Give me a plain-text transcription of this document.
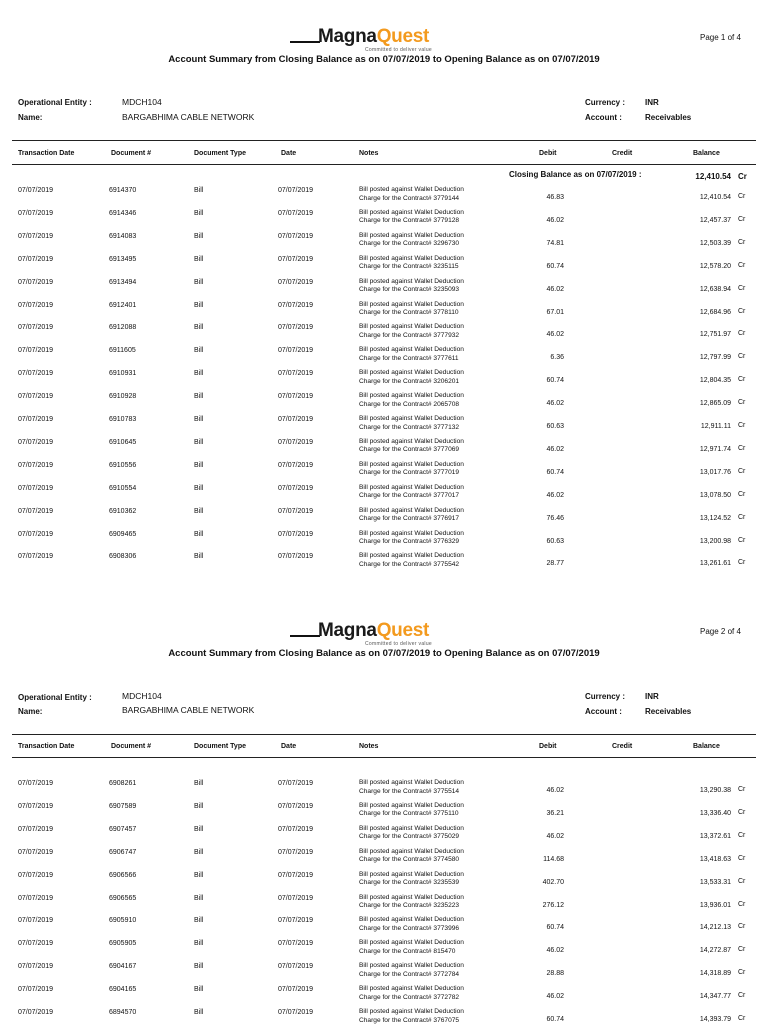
MagnaQuest
Committed to deliver value
Page 1 of 4
Account Summary from Closing Balance as on 07/07/2019 to Opening Balance as on 07/07/2019
Operational Entity :	MDCH104
Name:	BARGABHIMA CABLE NETWORK
Currency : INR
Account :	Receivables
Transaction Date	Document #	Document Type	Date	Notes	Debit	Credit	Balance
Closing Balance as on 07/07/2019 :	12,410.54 Cr
07/07/2019	6914370	Bill	07/07/2019	Bill posted against Wallet Deduction
Charge for the Contract# 3779144	46.83	12,410.54 Cr
07/07/2019	6914346	Bill	07/07/2019	Bill posted against Wallet Deduction
Charge for the Contract# 3779128	46.02	12,457.37 Cr
07/07/2019	6914083	Bill	07/07/2019	Bill posted against Wallet Deduction
Charge for the Contract# 3296730	74.81	12,503.39 Cr
07/07/2019	6913495	Bill	07/07/2019	Bill posted against Wallet Deduction
Charge for the Contract# 3235115	60.74	12,578.20 Cr
07/07/2019	6913494	Bill	07/07/2019	Bill posted against Wallet Deduction
Charge for the Contract# 3235093	46.02	12,638.94 Cr
07/07/2019	6912401	Bill	07/07/2019	Bill posted against Wallet Deduction
Charge for the Contract# 3778110	67.01	12,684.96 Cr
07/07/2019	6912088	Bill	07/07/2019	Bill posted against Wallet Deduction
Charge for the Contract# 3777932	46.02	12,751.97 Cr
07/07/2019	6911605	Bill	07/07/2019	Bill posted against Wallet Deduction
Charge for the Contract# 3777611	6.36	12,797.99 Cr
07/07/2019	6910931	Bill	07/07/2019	Bill posted against Wallet Deduction
Charge for the Contract# 3206201	60.74	12,804.35 Cr
07/07/2019	6910928	Bill	07/07/2019	Bill posted against Wallet Deduction
Charge for the Contract# 2065708	46.02	12,865.09 Cr
07/07/2019	6910783	Bill	07/07/2019	Bill posted against Wallet Deduction
Charge for the Contract# 3777132	60.63	12,911.11 Cr
07/07/2019	6910645	Bill	07/07/2019	Bill posted against Wallet Deduction
Charge for the Contract# 3777069	46.02	12,971.74 Cr
07/07/2019	6910556	Bill	07/07/2019	Bill posted against Wallet Deduction
Charge for the Contract# 3777019	60.74	13,017.76 Cr
07/07/2019	6910554	Bill	07/07/2019	Bill posted against Wallet Deduction
Charge for the Contract# 3777017	46.02	13,078.50 Cr
07/07/2019	6910362	Bill	07/07/2019	Bill posted against Wallet Deduction
Charge for the Contract# 3776917	76.46	13,124.52 Cr
07/07/2019	6909465	Bill	07/07/2019	Bill posted against Wallet Deduction
Charge for the Contract# 3776329	60.63	13,200.98 Cr
07/07/2019	6908306	Bill	07/07/2019	Bill posted against Wallet Deduction
Charge for the Contract# 3775542	28.77	13,261.61 Cr
MagnaQuest
Committed to deliver value
Page 2 of 4
Account Summary from Closing Balance as on 07/07/2019 to Opening Balance as on 07/07/2019
Operational Entity :	MDCH104
Name:	BARGABHIMA CABLE NETWORK
Currency : INR
Account :	Receivables
Transaction Date	Document #	Document Type	Date	Notes	Debit	Credit	Balance
07/07/2019	6908261	Bill	07/07/2019	Bill posted against Wallet Deduction
Charge for the Contract# 3775514	46.02	13,290.38 Cr
07/07/2019	6907589	Bill	07/07/2019	Bill posted against Wallet Deduction
Charge for the Contract# 3775110	36.21	13,336.40 Cr
07/07/2019	6907457	Bill	07/07/2019	Bill posted against Wallet Deduction
Charge for the Contract# 3775029	46.02	13,372.61 Cr
07/07/2019	6906747	Bill	07/07/2019	Bill posted against Wallet Deduction
Charge for the Contract# 3774580	114.68	13,418.63 Cr
07/07/2019	6906566	Bill	07/07/2019	Bill posted against Wallet Deduction
Charge for the Contract# 3235539	402.70	13,533.31 Cr
07/07/2019	6906565	Bill	07/07/2019	Bill posted against Wallet Deduction
Charge for the Contract# 3235223	276.12	13,936.01 Cr
07/07/2019	6905910	Bill	07/07/2019	Bill posted against Wallet Deduction
Charge for the Contract# 3773996	60.74	14,212.13 Cr
07/07/2019	6905905	Bill	07/07/2019	Bill posted against Wallet Deduction
Charge for the Contract# 815470	46.02	14,272.87 Cr
07/07/2019	6904167	Bill	07/07/2019	Bill posted against Wallet Deduction
Charge for the Contract# 3772784	28.88	14,318.89 Cr
07/07/2019	6904165	Bill	07/07/2019	Bill posted against Wallet Deduction
Charge for the Contract# 3772782	46.02	14,347.77 Cr
07/07/2019	6894570	Bill	07/07/2019	Bill posted against Wallet Deduction
Charge for the Contract# 3767075	60.74	14,393.79 Cr
